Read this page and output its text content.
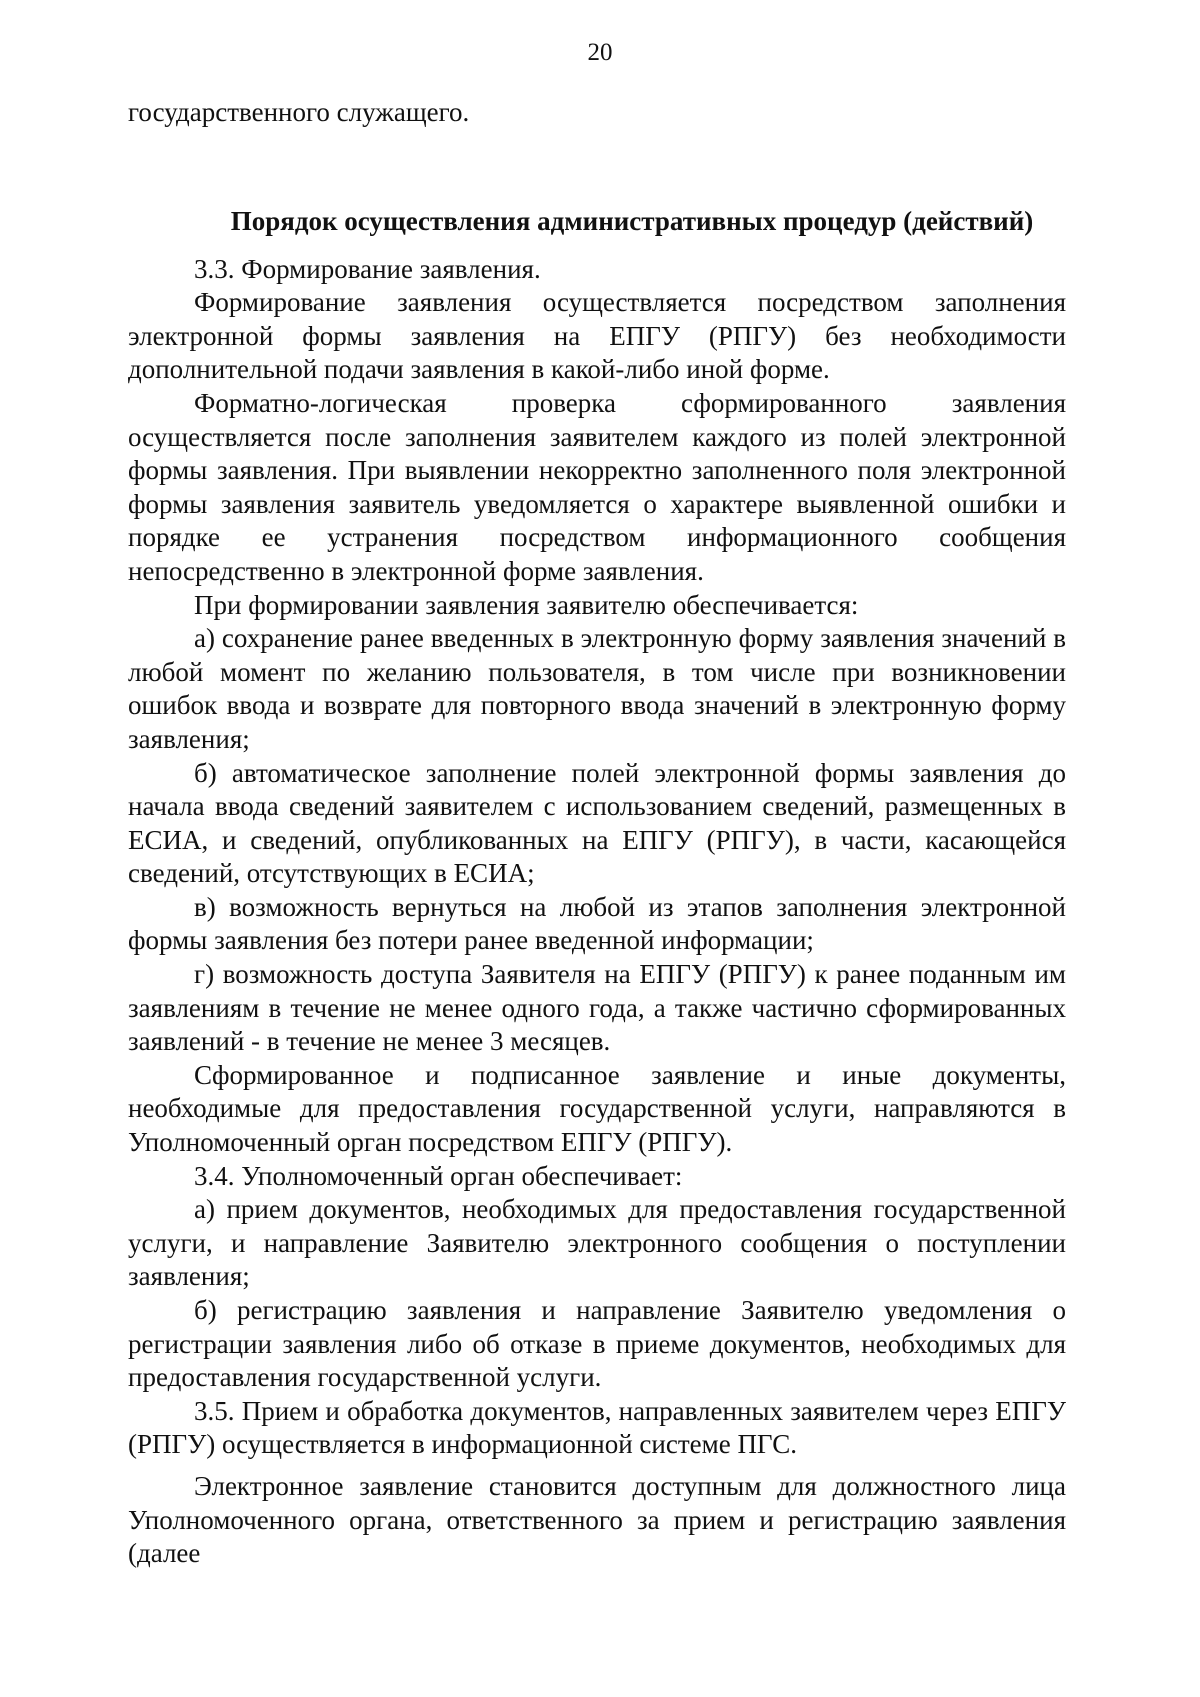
20

государственного служащего.

Порядок осуществления административных процедур (действий)

3.3. Формирование заявления.

Формирование заявления осуществляется посредством заполнения электронной формы заявления на ЕПГУ (РПГУ) без необходимости дополнительной подачи заявления в какой-либо иной форме.

Форматно-логическая проверка сформированного заявления осуществляется после заполнения заявителем каждого из полей электронной формы заявления. При выявлении некорректно заполненного поля электронной формы заявления заявитель уведомляется о характере выявленной ошибки и порядке ее устранения посредством информационного сообщения непосредственно в электронной форме заявления.

При формировании заявления заявителю обеспечивается:

а) сохранение ранее введенных в электронную форму заявления значений в любой момент по желанию пользователя, в том числе при возникновении ошибок ввода и возврате для повторного ввода значений в электронную форму заявления;

б) автоматическое заполнение полей электронной формы заявления до начала ввода сведений заявителем с использованием сведений, размещенных в ЕСИА, и сведений, опубликованных на ЕПГУ (РПГУ), в части, касающейся сведений, отсутствующих в ЕСИА;

в) возможность вернуться на любой из этапов заполнения электронной формы заявления без потери ранее введенной информации;

г) возможность доступа Заявителя на ЕПГУ (РПГУ) к ранее поданным им заявлениям в течение не менее одного года, а также частично сформированных заявлений - в течение не менее 3 месяцев.

Сформированное и подписанное заявление и иные документы, необходимые для предоставления государственной услуги, направляются в Уполномоченный орган посредством ЕПГУ (РПГУ).

3.4. Уполномоченный орган обеспечивает:

а) прием документов, необходимых для предоставления государственной услуги, и направление Заявителю электронного сообщения о поступлении заявления;

б) регистрацию заявления и направление Заявителю уведомления о регистрации заявления либо об отказе в приеме документов, необходимых для предоставления государственной услуги.

3.5. Прием и обработка документов, направленных заявителем через ЕПГУ (РПГУ) осуществляется в информационной системе ПГС.

Электронное заявление становится доступным для должностного лица Уполномоченного органа, ответственного за прием и регистрацию заявления (далее
